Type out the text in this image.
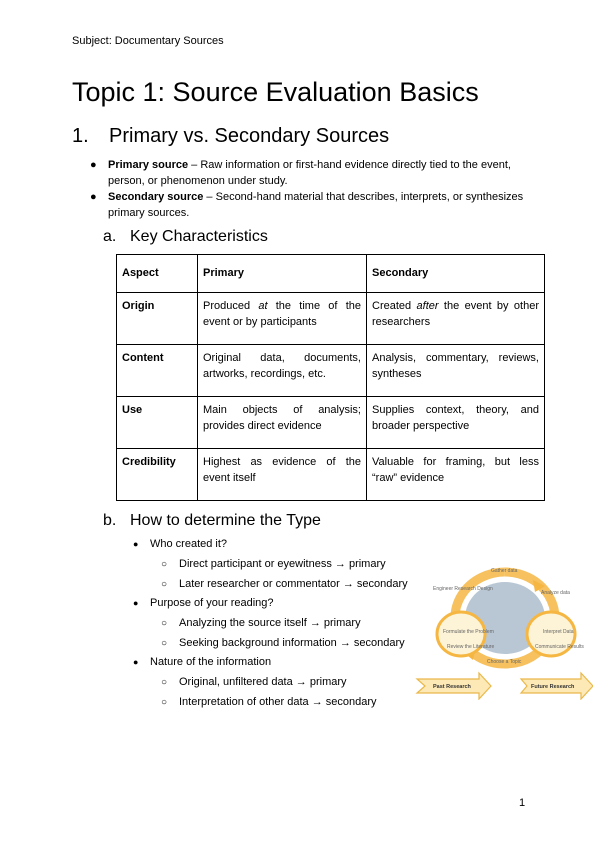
Subject: Documentary Sources
Topic 1: Source Evaluation Basics
1. Primary vs. Secondary Sources
● Primary source – Raw information or first-hand evidence directly tied to the event,
person, or phenomenon under study.
● Secondary source – Second-hand material that describes, interprets, or synthesizes
primary sources.
a. Key Characteristics
Aspect	Primary	Secondary
Origin	Produced at the time of the event or by participants	Created after the event by other researchers
Content	Original data, documents, artworks, recordings, etc.	Analysis, commentary, reviews, syntheses
Use	Main objects of analysis; provides direct evidence	Supplies context, theory, and broader perspective
Credibility	Highest as evidence of the event itself	Valuable for framing, but less “raw” evidence
b. How to determine the Type
● Who created it?
○ Direct participant or eyewitness → primary
○ Later researcher or commentator → secondary
● Purpose of your reading?
○ Analyzing the source itself → primary
○ Seeking background information → secondary
● Nature of the information
○ Original, unfiltered data → primary
○ Interpretation of other data → secondary
Gather data
Analyze data
Engineer Research Design
Formulate the Problem
Review the Literature
Interpret Data
Communicate Results
Choose a Topic
Past Research	Future Research
1
